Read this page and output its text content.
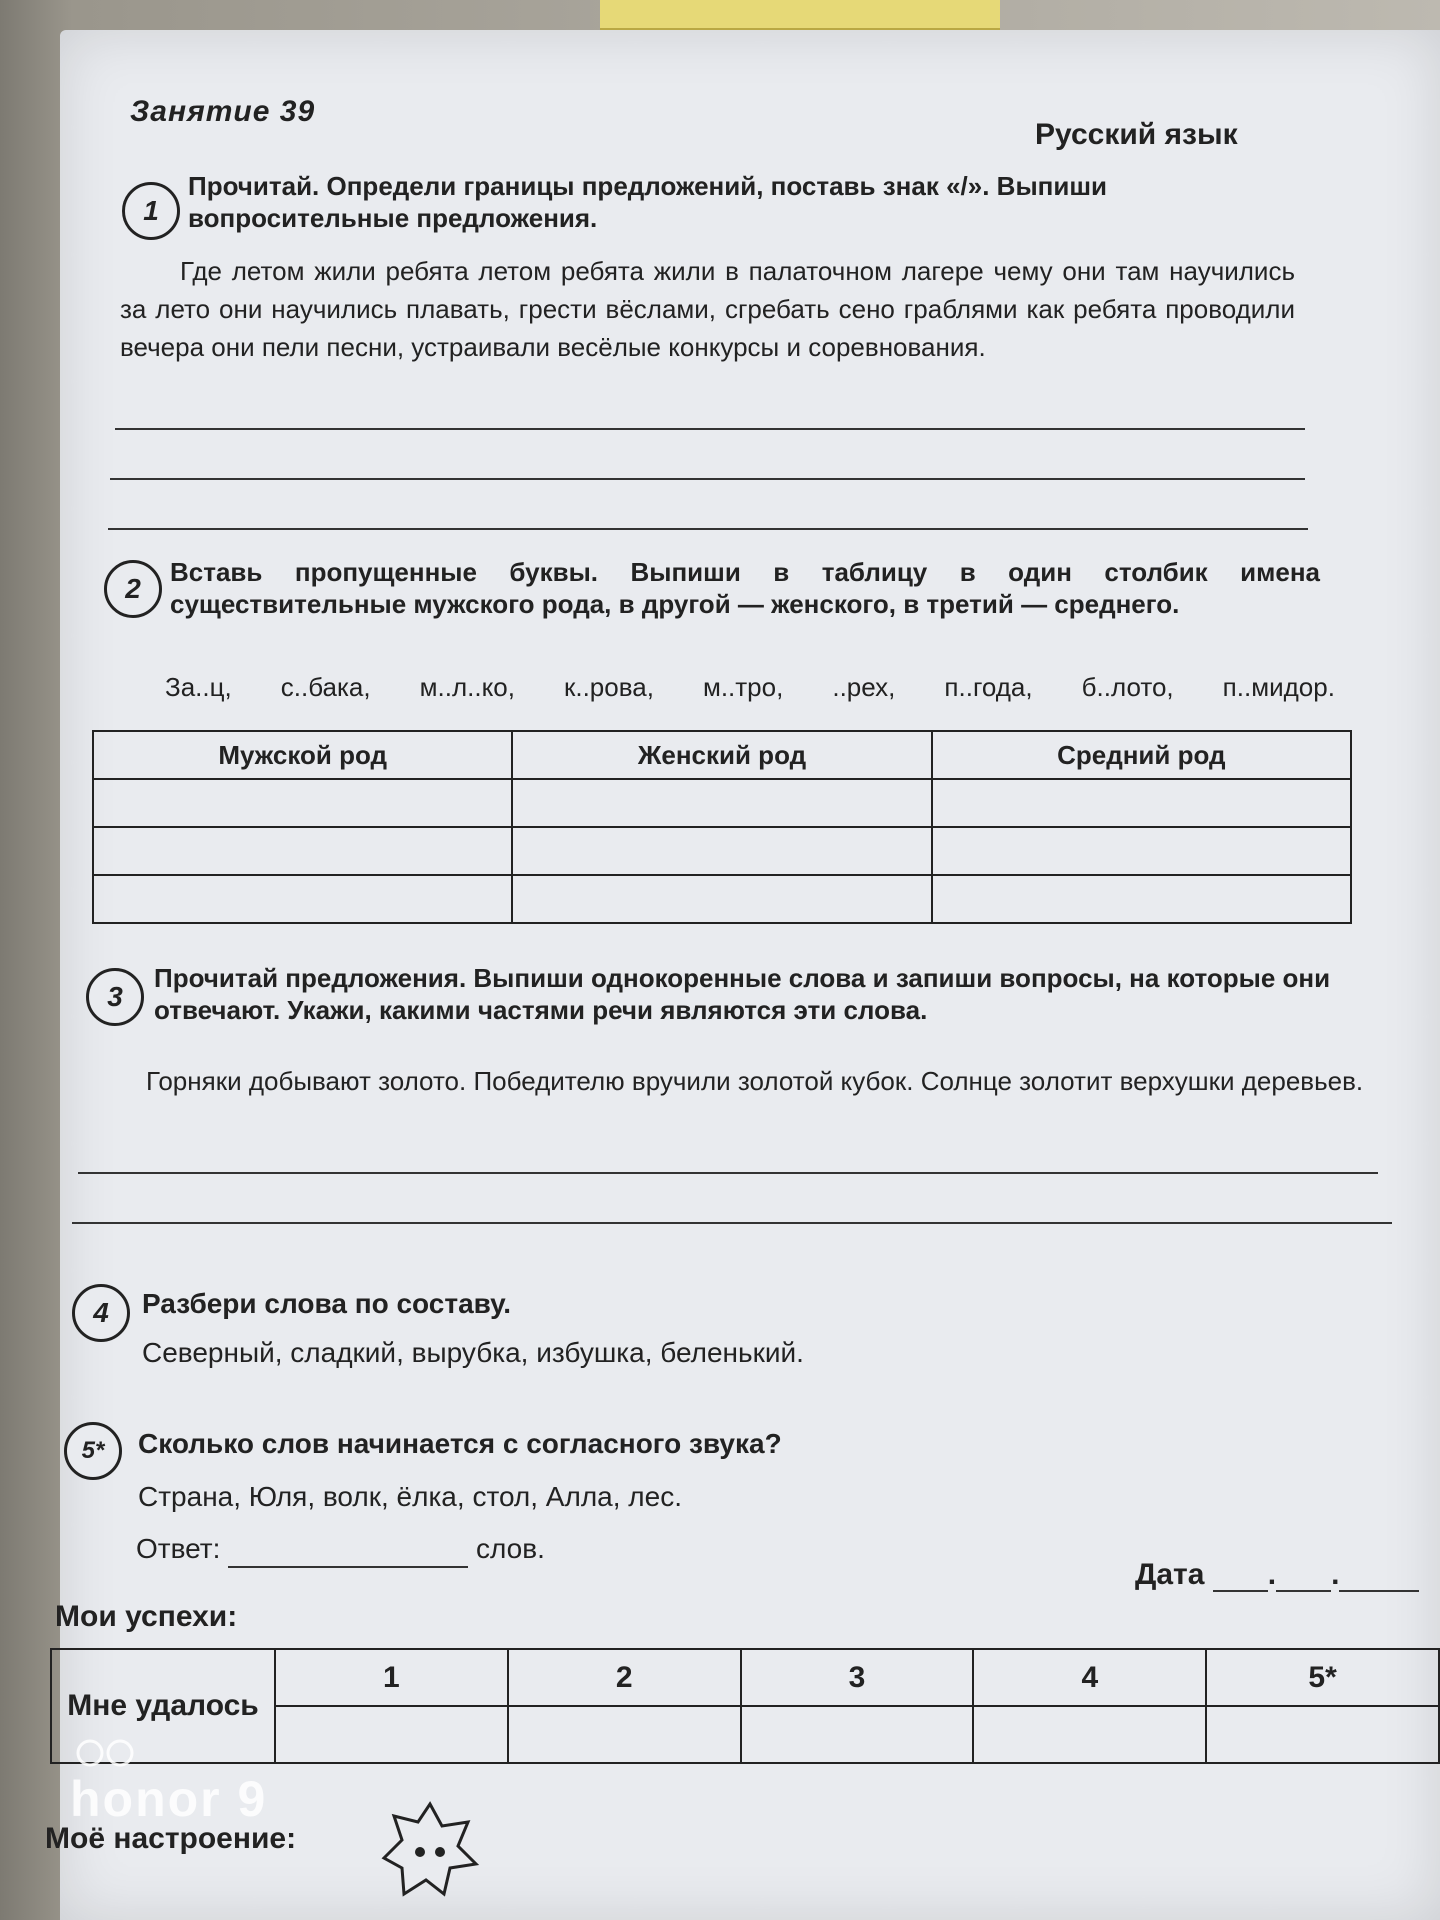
Занятие 39
Русский язык
1
Прочитай. Определи границы предложений, поставь знак «/». Выпиши вопросительные предложения.
Где летом жили ребята летом ребята жили в палаточном лагере чему они там научились за лето они научились плавать, грести вёслами, сгребать сено граблями как ребята проводили вечера они пели песни, устраивали весёлые конкурсы и соревнования.
2
Вставь пропущенные буквы. Выпиши в таблицу в один столбик имена существительные мужского рода, в другой — женского, в третий — среднего.
За..ц, с..бака, м..л..ко, к..рова, м..тро, ..рех, п..года, б..лото, п..мидор.
Мужской род	Женский род	Средний род

3
Прочитай предложения. Выпиши однокоренные слова и запиши вопросы, на которые они отвечают. Укажи, какими частями речи являются эти слова.
Горняки добывают золото. Победителю вручили золотой кубок. Солнце золотит верхушки деревьев.
4	Разбери слова по составу.
Северный, сладкий, вырубка, избушка, беленький.
5*	Сколько слов начинается с согласного звука?
Страна, Юля, волк, ёлка, стол, Алла, лес.
Ответ:	слов.
Дата . .
Мои успехи:
Мне удалось	1	2	3	4	5*

Моё настроение:
honor 9
